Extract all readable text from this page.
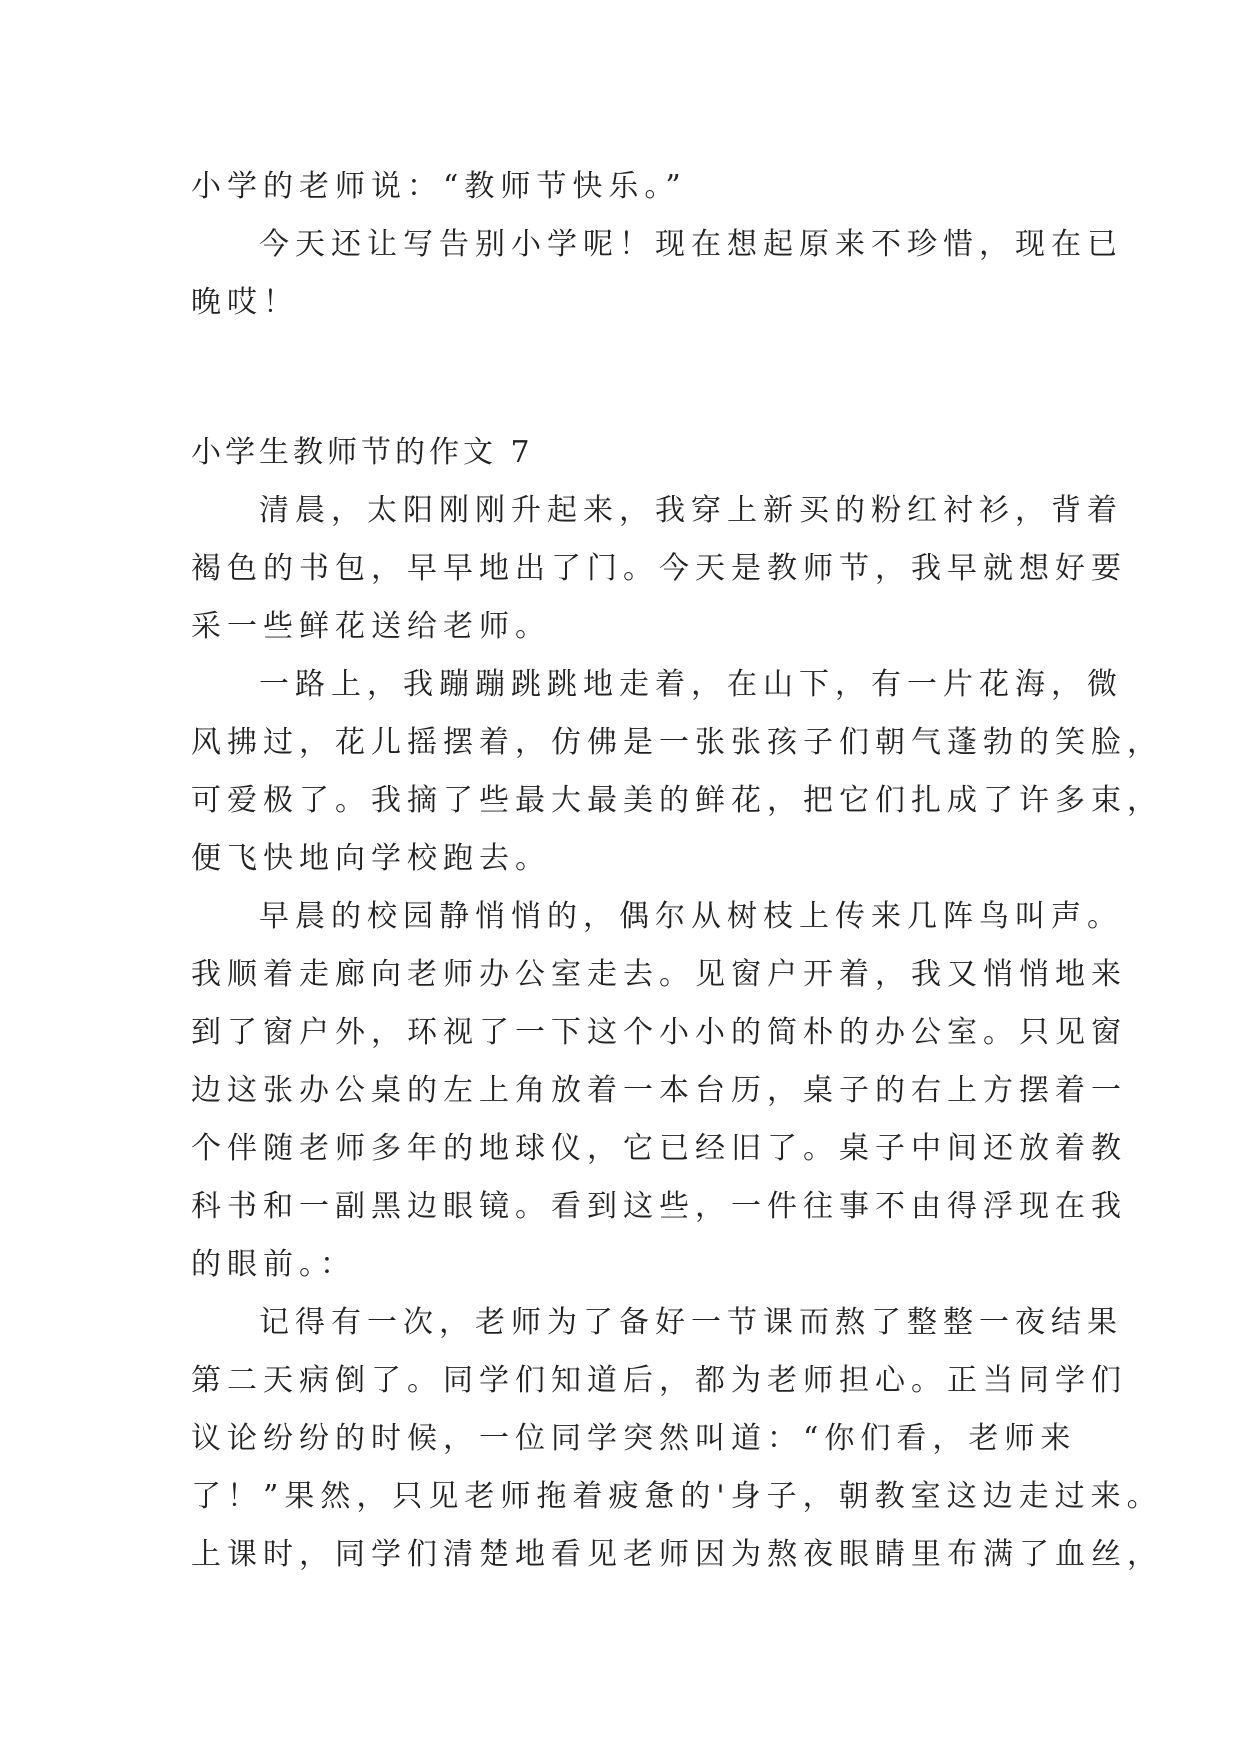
小学的老师说：“教师节快乐。”
今天还让写告别小学呢！现在想起原来不珍惜，现在已
晚哎！
小学生教师节的作文 7
清晨，太阳刚刚升起来，我穿上新买的粉红衬衫，背着
褐色的书包，早早地出了门。今天是教师节，我早就想好要
采一些鲜花送给老师。
一路上，我蹦蹦跳跳地走着，在山下，有一片花海，微
风拂过，花儿摇摆着，仿佛是一张张孩子们朝气蓬勃的笑脸，
可爱极了。我摘了些最大最美的鲜花，把它们扎成了许多束，
便飞快地向学校跑去。
早晨的校园静悄悄的，偶尔从树枝上传来几阵鸟叫声。
我顺着走廊向老师办公室走去。见窗户开着，我又悄悄地来
到了窗户外，环视了一下这个小小的简朴的办公室。只见窗
边这张办公桌的左上角放着一本台历，桌子的右上方摆着一
个伴随老师多年的地球仪，它已经旧了。桌子中间还放着教
科书和一副黑边眼镜。看到这些，一件往事不由得浮现在我
的眼前。：
记得有一次，老师为了备好一节课而熬了整整一夜结果
第二天病倒了。同学们知道后，都为老师担心。正当同学们
议论纷纷的时候，一位同学突然叫道：“你们看，老师来
了！”果然，只见老师拖着疲惫的'身子，朝教室这边走过来。
上课时，同学们清楚地看见老师因为熬夜眼睛里布满了血丝，
